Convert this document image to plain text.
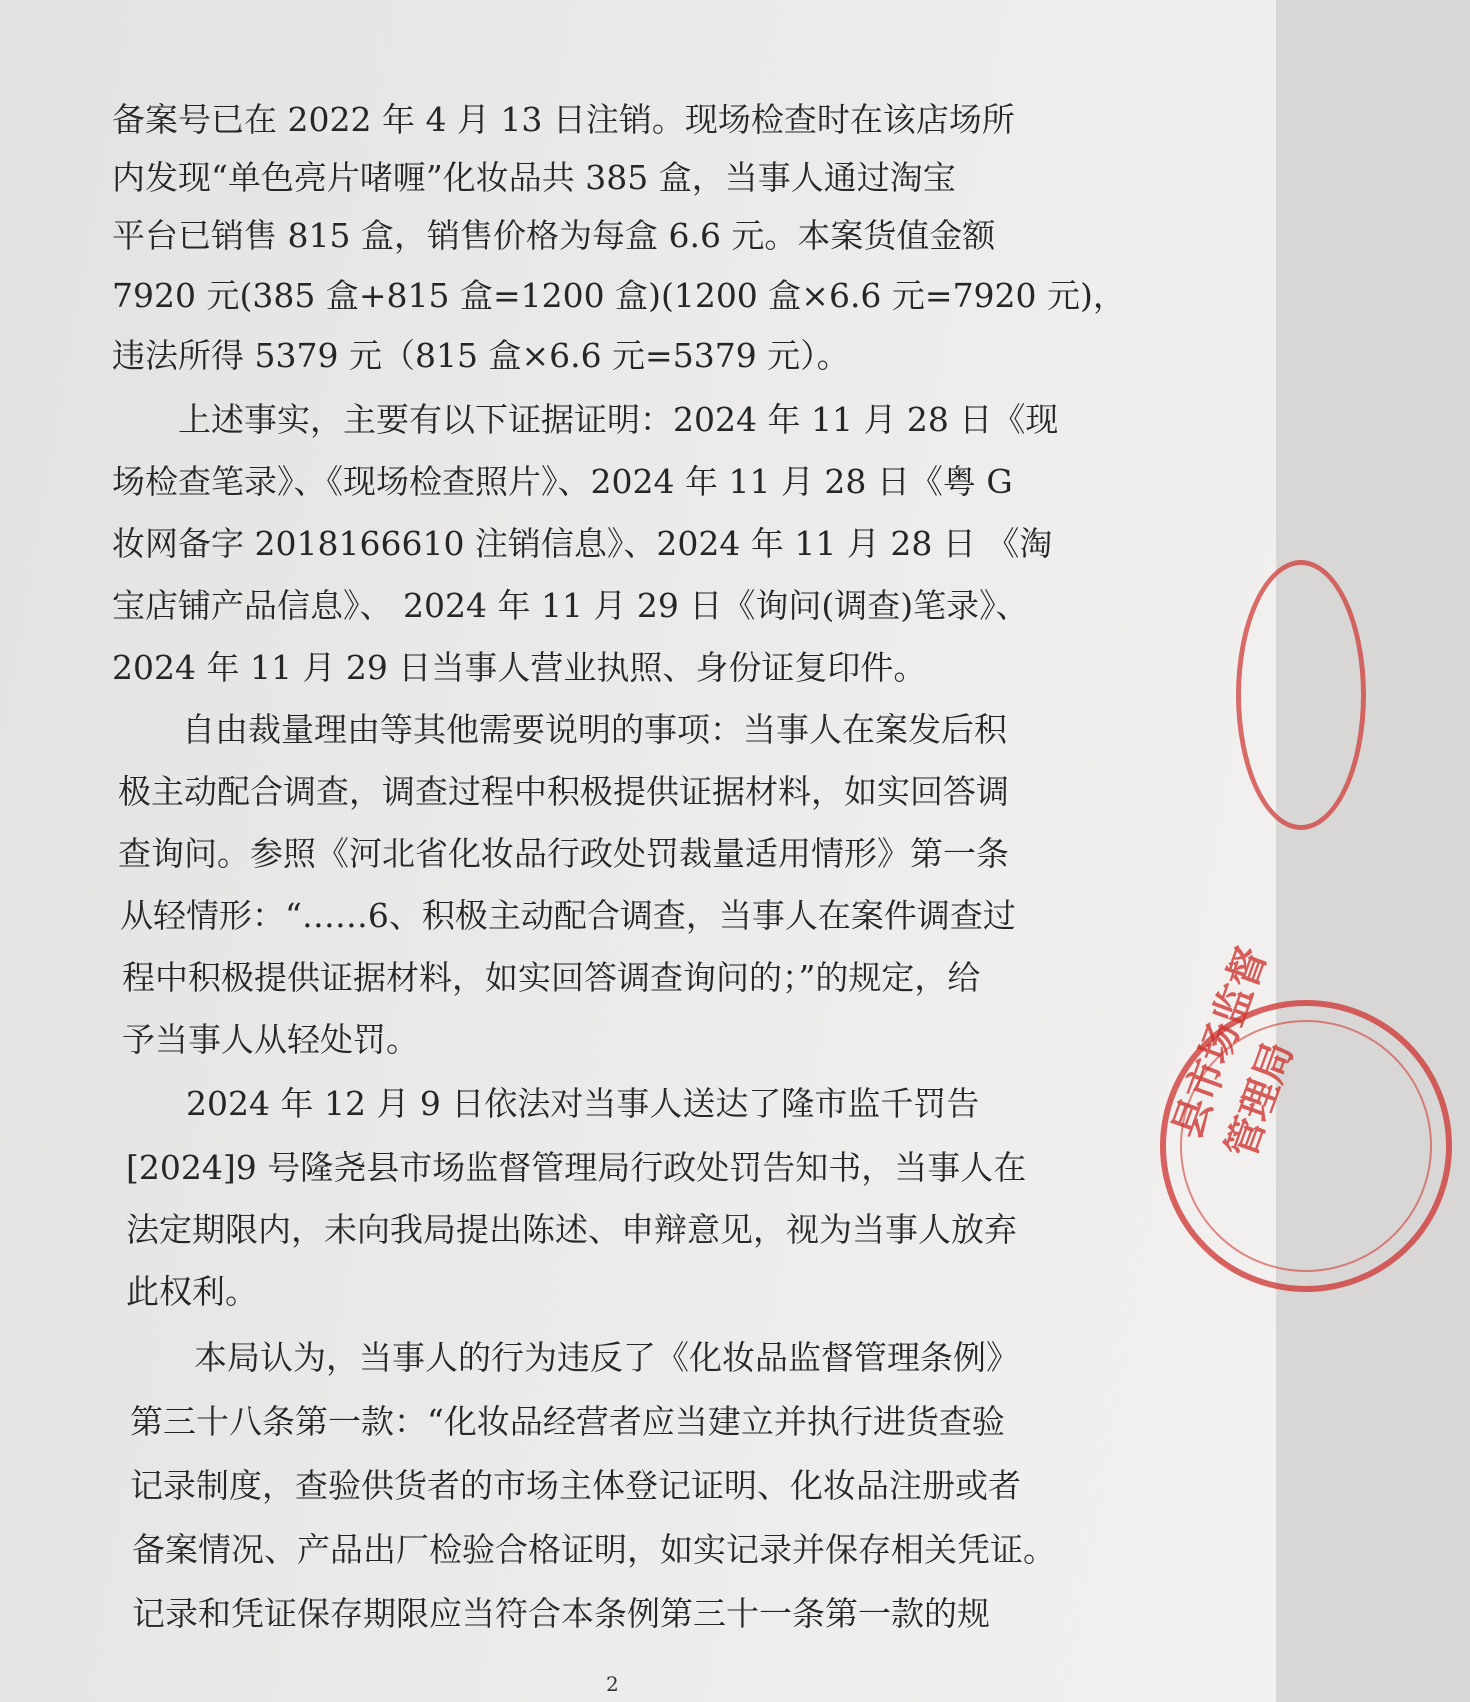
备案号已在 2022 年 4 月 13 日注销。现场检查时在该店场所
内发现“单色亮片啫喱”化妆品共 385 盒，当事人通过淘宝
平台已销售 815 盒，销售价格为每盒 6.6 元。本案货值金额
7920 元(385 盒+815 盒=1200 盒)(1200 盒×6.6 元=7920 元)，
违法所得 5379 元（815 盒×6.6 元=5379 元）。
上述事实，主要有以下证据证明：2024 年 11 月 28 日《现
场检查笔录》、《现场检查照片》、2024 年 11 月 28 日《粤 G
妆网备字 2018166610 注销信息》、2024 年 11 月 28 日 《淘
宝店铺产品信息》、 2024 年 11 月 29 日《询问(调查)笔录》、
2024 年 11 月 29 日当事人营业执照、身份证复印件。
自由裁量理由等其他需要说明的事项：当事人在案发后积
极主动配合调查，调查过程中积极提供证据材料，如实回答调
查询问。参照《河北省化妆品行政处罚裁量适用情形》第一条
从轻情形：“……6、积极主动配合调查，当事人在案件调查过
程中积极提供证据材料，如实回答调查询问的；”的规定，给
予当事人从轻处罚。
2024 年 12 月 9 日依法对当事人送达了隆市监千罚告
[2024]9 号隆尧县市场监督管理局行政处罚告知书，当事人在
法定期限内，未向我局提出陈述、申辩意见，视为当事人放弃
此权利。
本局认为，当事人的行为违反了《化妆品监督管理条例》
第三十八条第一款：“化妆品经营者应当建立并执行进货查验
记录制度，查验供货者的市场主体登记证明、化妆品注册或者
备案情况、产品出厂检验合格证明，如实记录并保存相关凭证。
记录和凭证保存期限应当符合本条例第三十一条第一款的规
县市场监督管理局
2
